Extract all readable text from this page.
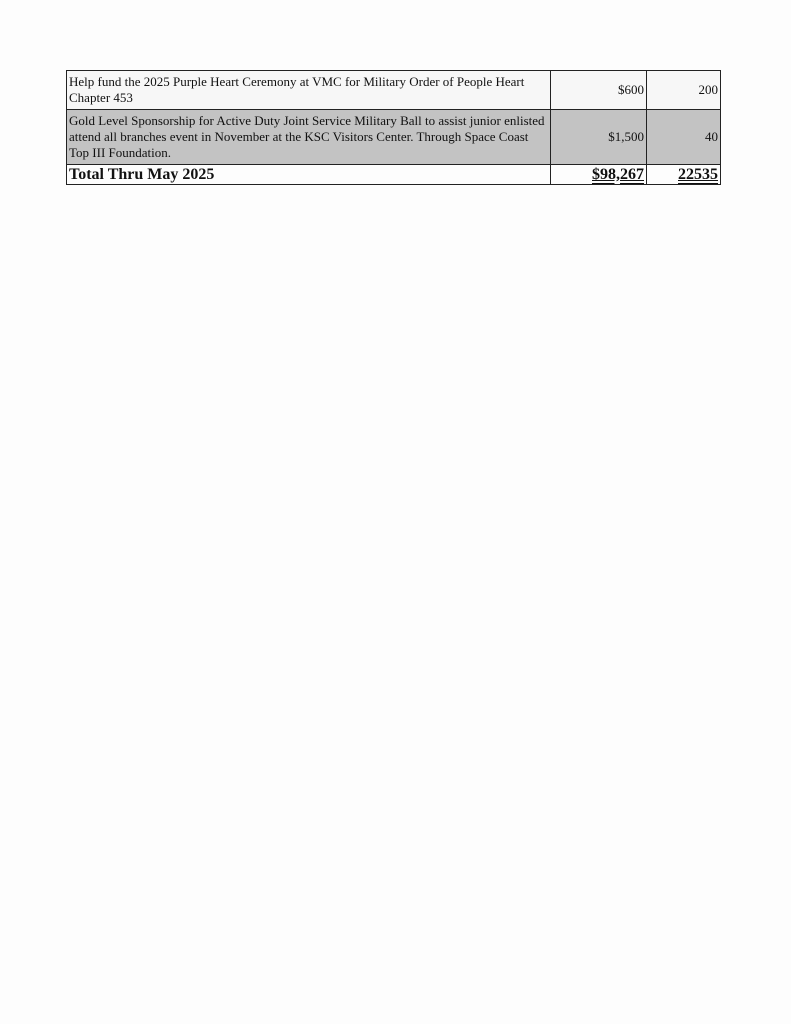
Help fund the 2025 Purple Heart Ceremony at VMC for Military Order of People Heart Chapter 453	$600	200
Gold Level Sponsorship for Active Duty Joint Service Military Ball to assist junior enlisted attend all branches event in November at the KSC Visitors Center. Through Space Coast Top III Foundation.	$1,500	40
Total Thru May 2025	$98,267	22535
